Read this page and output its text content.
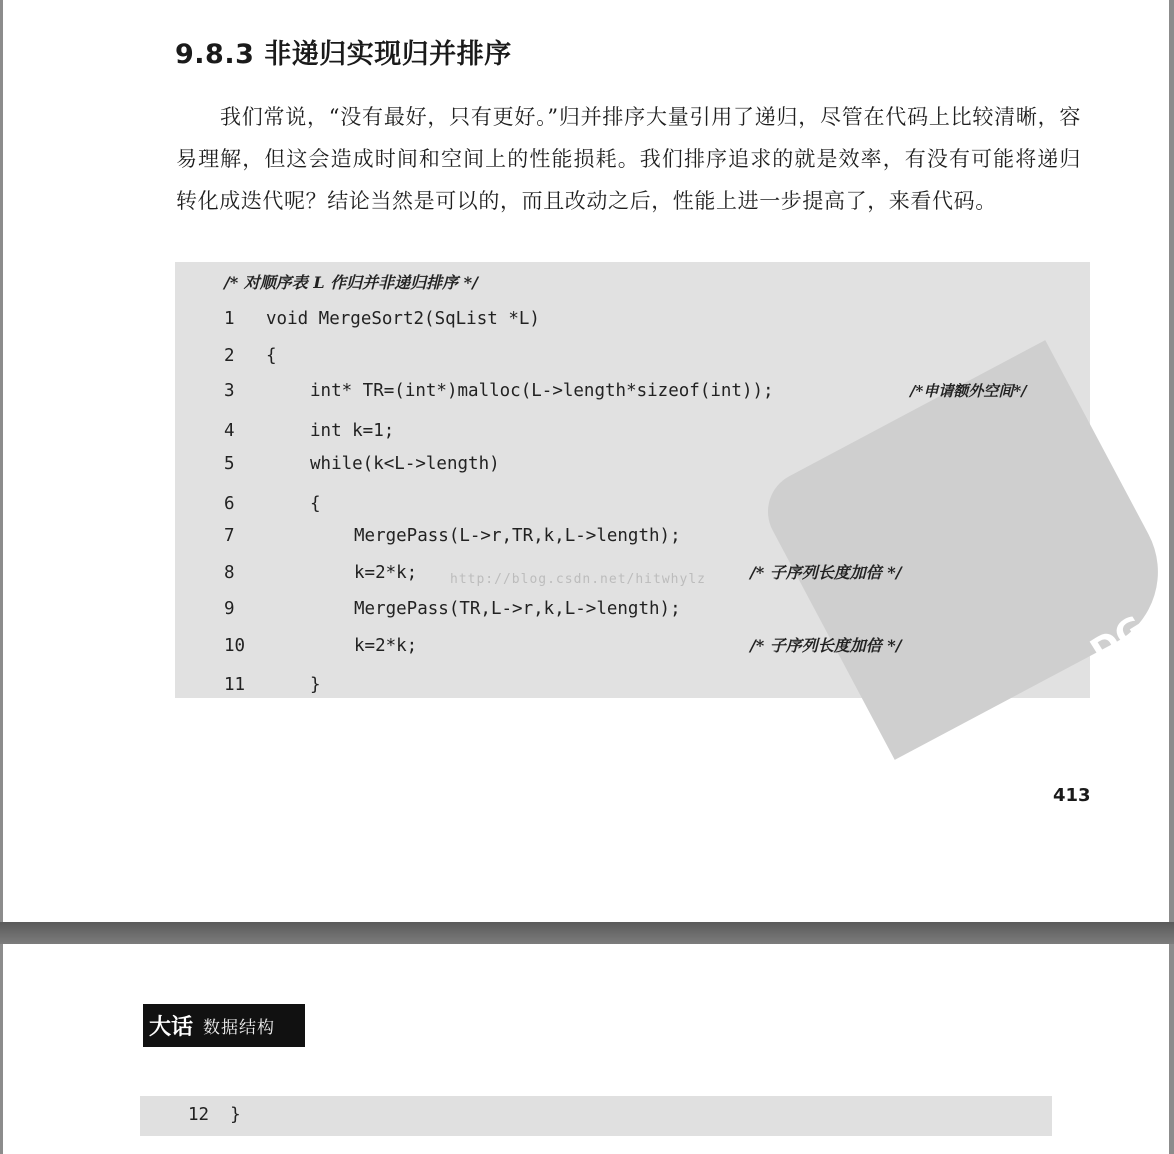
9.8.3 非递归实现归并排序
我们常说，“没有最好，只有更好。”归并排序大量引用了递归，尽管在代码上比较清晰，容易理解，但这会造成时间和空间上的性能损耗。我们排序追求的就是效率，有没有可能将递归转化成迭代呢？结论当然是可以的，而且改动之后，性能上进一步提高了，来看代码。
DG
http://blog.csdn.net/hitwhylz
/* 对顺序表 L 作归并非递归排序 */
1 void MergeSort2(SqList *L)
2 {
3	int* TR=(int*)malloc(L->length*sizeof(int));	/*申请额外空间*/
4	int k=1;
5	while(k<L->length)
6	{
7	MergePass(L->r,TR,k,L->length);
8	k=2*k;	/* 子序列长度加倍 */
9	MergePass(TR,L->r,k,L->length);
10	k=2*k;	/* 子序列长度加倍 */
11	}
413
大话 数据结构
12 }
